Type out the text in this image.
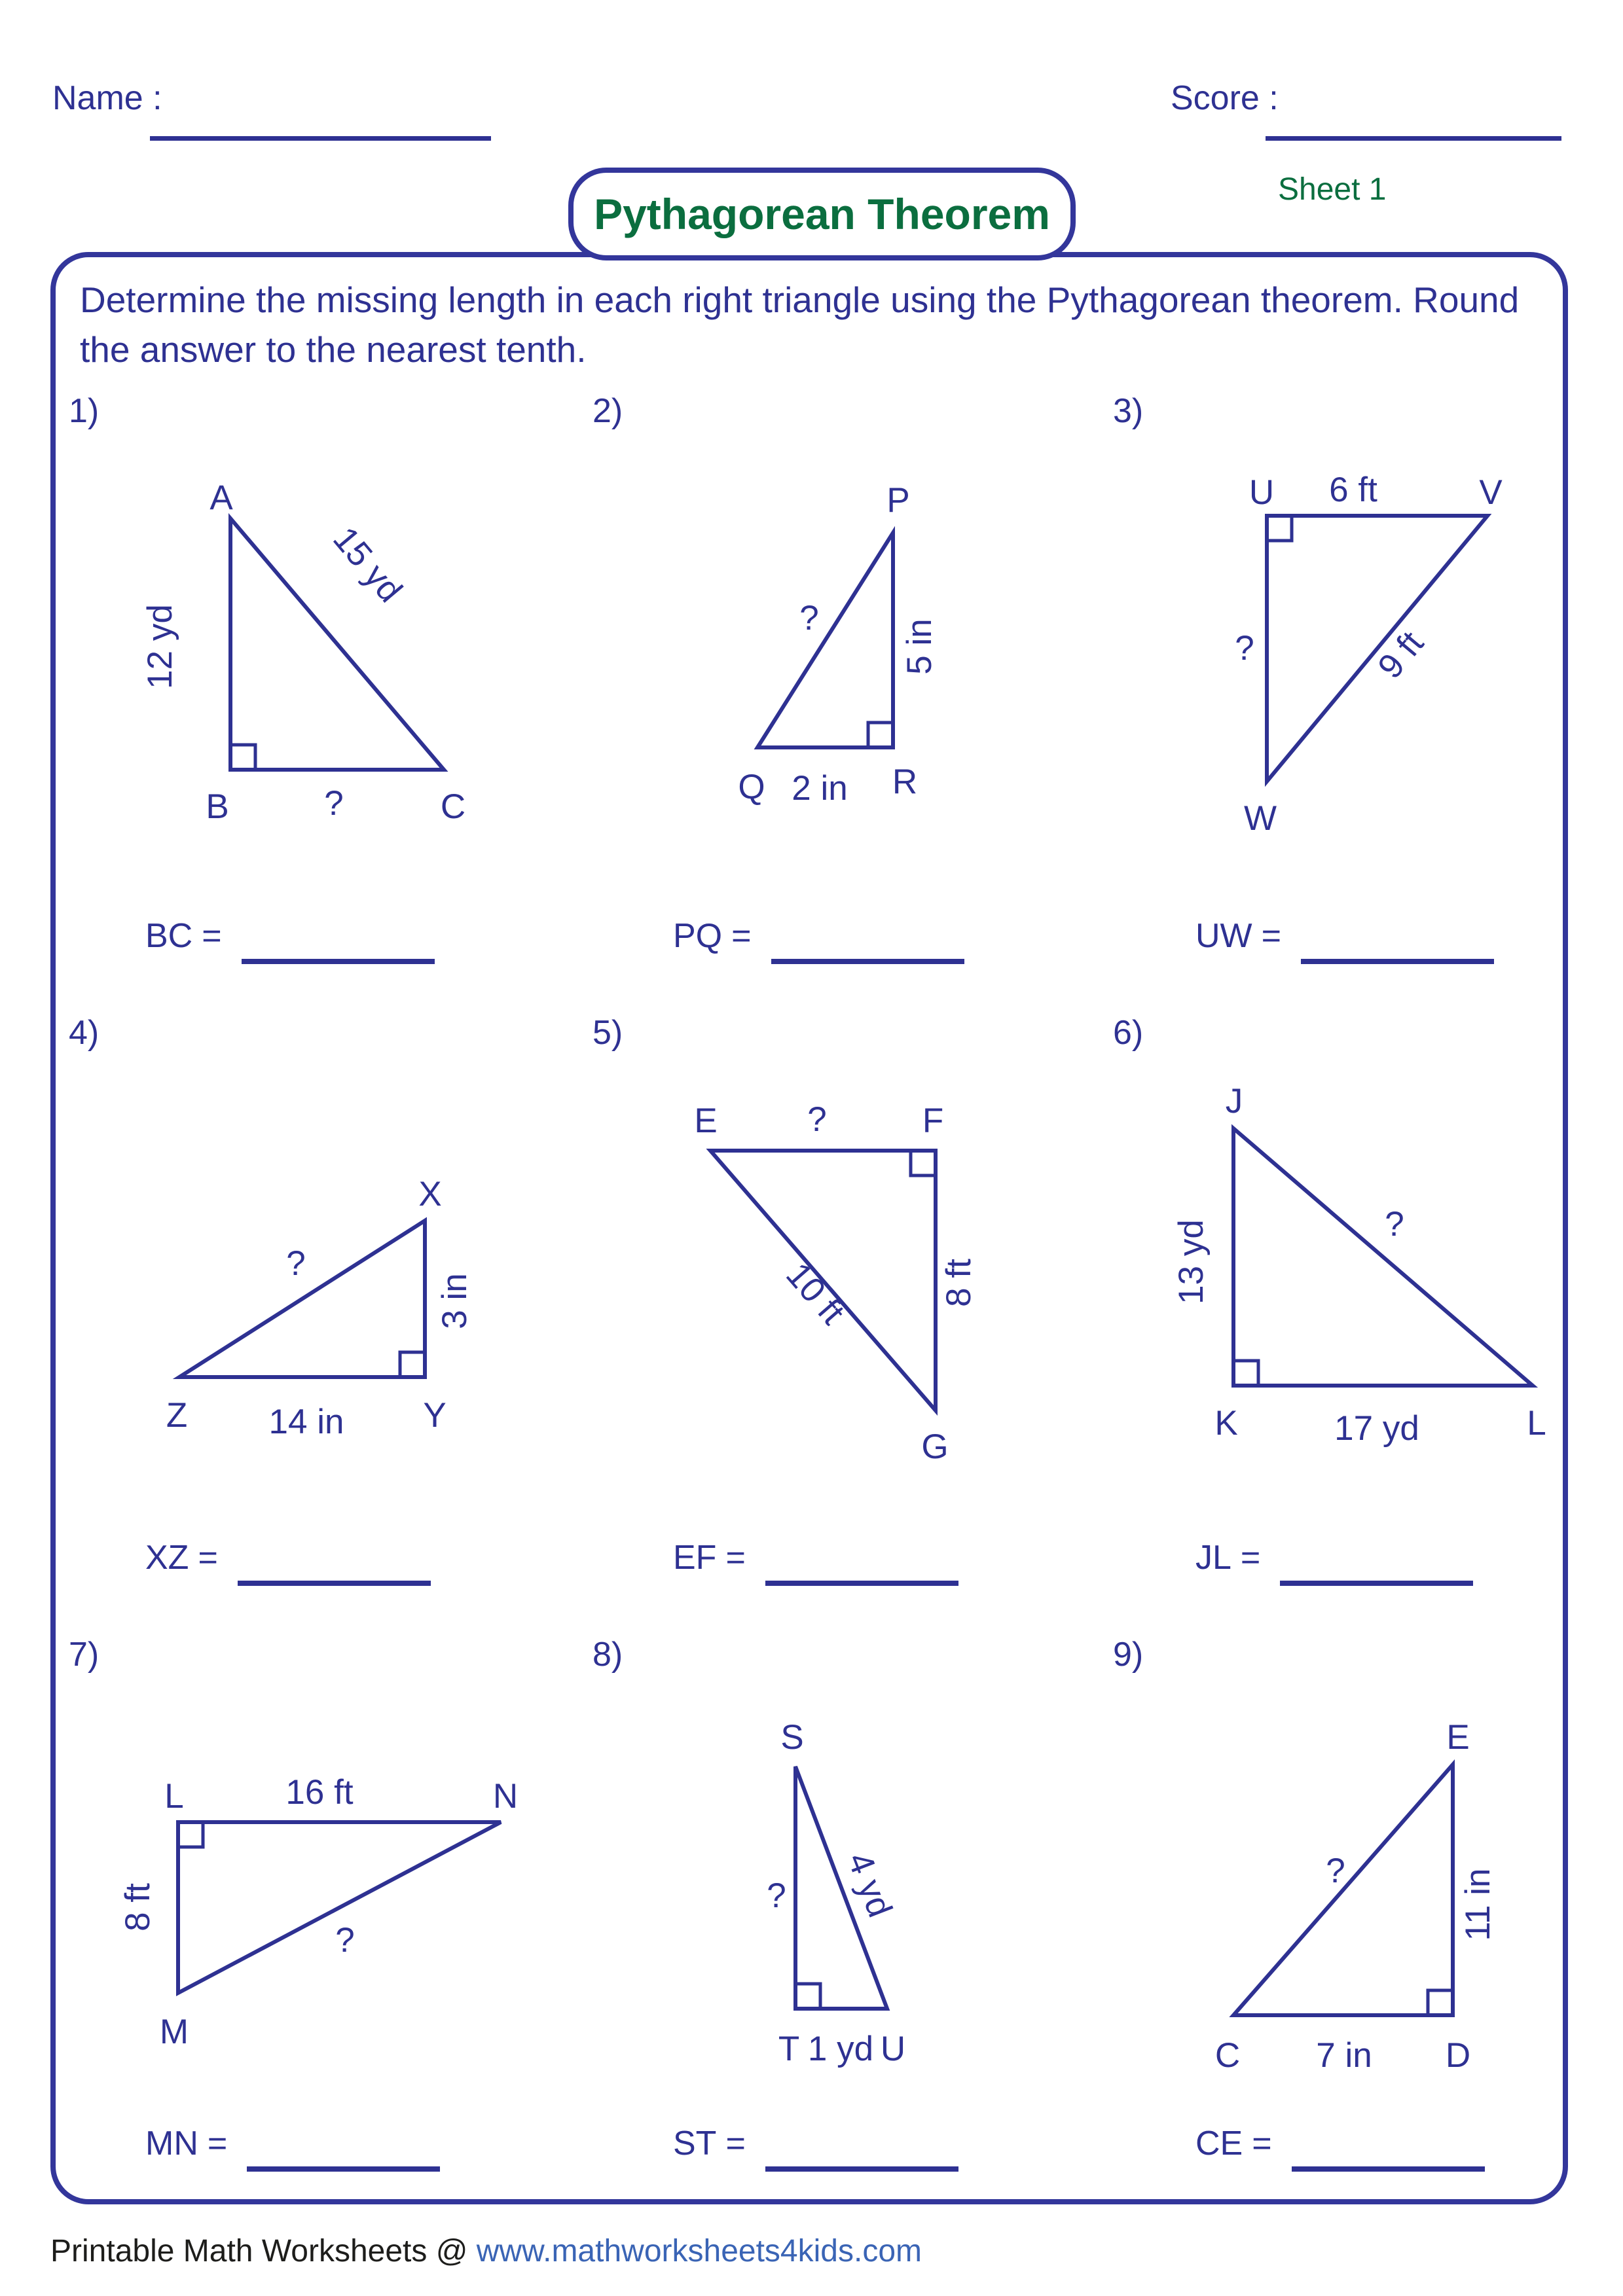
Name :	Score :
Pythagorean Theorem
Sheet 1
Determine the missing length in each right triangle using the Pythagorean theorem. Round
the answer to the nearest tenth.
1)
A
B	C
12 yd
15 yd
?
BC =
2)
P
Q	R
5 in
2 in
?
PQ =
3)
U	V
W
6 ft
9 ft
?
UW =
4)
X
Y
Z
3 in
14 in
?
XZ =
5)
E	F
G
?
8 ft
10 ft
EF =
6)
J
K	L
13 yd
17 yd
?
JL =
7)
L	N
M
16 ft
8 ft
?
MN =
8)
S
T U
? 4 yd
1 yd
ST =
9)
E
D
C
11 in
7 in
?
CE =
Printable Math Worksheets @ www.mathworksheets4kids.com
